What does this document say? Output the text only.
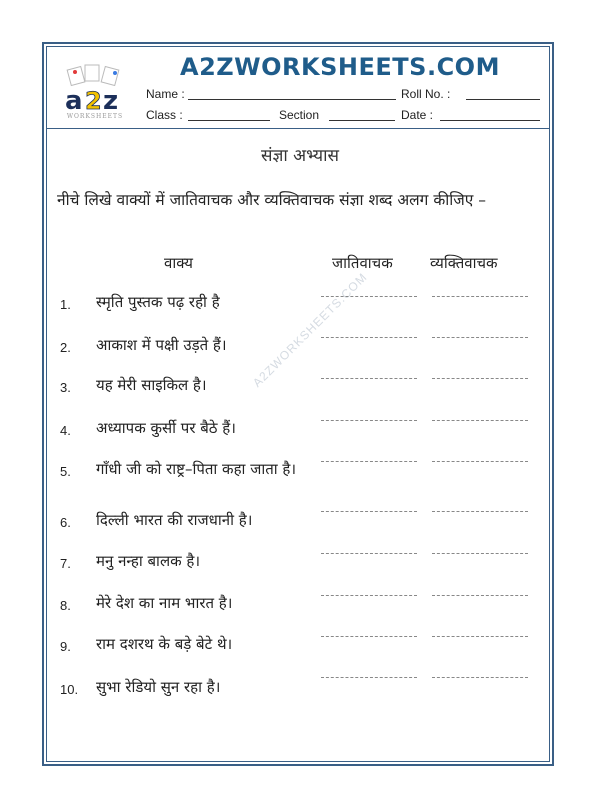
a 2 z
WORKSHEETS
A2ZWORKSHEETS.COM
Name :	Roll No. :
Class :	Section	Date :
संज्ञा अभ्यास
नीचे लिखे वाक्यों में जातिवाचक और व्यक्तिवाचक संज्ञा शब्द अलग कीजिए –
वाक्य	जातिवाचक व्यक्तिवाचक
A2ZWORKSHEETS.COM
1. स्मृति पुस्तक पढ़ रही है
2. आकाश में पक्षी उड़ते हैं।
3. यह मेरी साइकिल है।
4. अध्यापक कुर्सी पर बैठे हैं।
5. गाँधी जी को राष्ट्र–पिता कहा जाता है।
6. दिल्ली भारत की राजधानी है।
7. मनु नन्हा बालक है।
8. मेरे देश का नाम भारत है।
9. राम दशरथ के बड़े बेटे थे।
10. सुभा रेडियो सुन रहा है।
